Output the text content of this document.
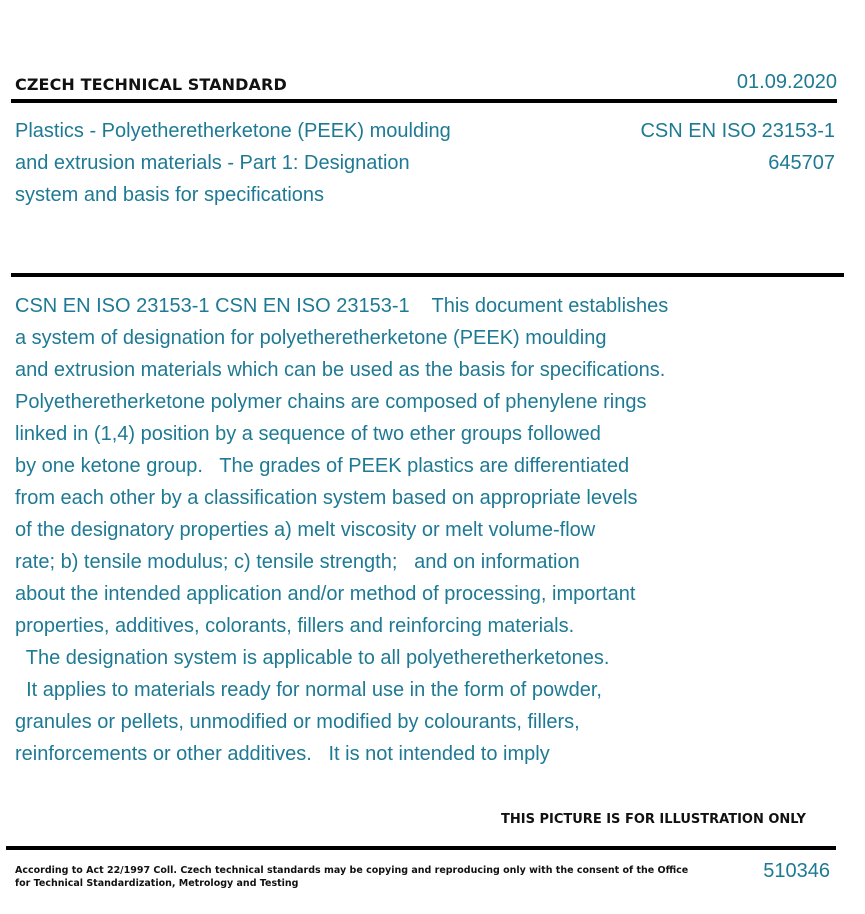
CZECH TECHNICAL STANDARD	01.09.2020
Plastics - Polyetheretherketone (PEEK) moulding
and extrusion materials - Part 1: Designation
system and basis for specifications
CSN EN ISO 23153-1
645707
CSN EN ISO 23153-1 CSN EN ISO 23153-1    This document establishes
a system of designation for polyetheretherketone (PEEK) moulding
and extrusion materials which can be used as the basis for specifications.
Polyetheretherketone polymer chains are composed of phenylene rings
linked in (1,4) position by a sequence of two ether groups followed
by one ketone group.   The grades of PEEK plastics are differentiated
from each other by a classification system based on appropriate levels
of the designatory properties a) melt viscosity or melt volume-flow
rate; b) tensile modulus; c) tensile strength;   and on information
about the intended application and/or method of processing, important
properties, additives, colorants, fillers and reinforcing materials.
The designation system is applicable to all polyetheretherketones.
It applies to materials ready for normal use in the form of powder,
granules or pellets, unmodified or modified by colourants, fillers,
reinforcements or other additives.   It is not intended to imply
THIS PICTURE IS FOR ILLUSTRATION ONLY
According to Act 22/1997 Coll. Czech technical standards may be copying and reproducing only with the consent of the Office
for Technical Standardization, Metrology and Testing
510346
